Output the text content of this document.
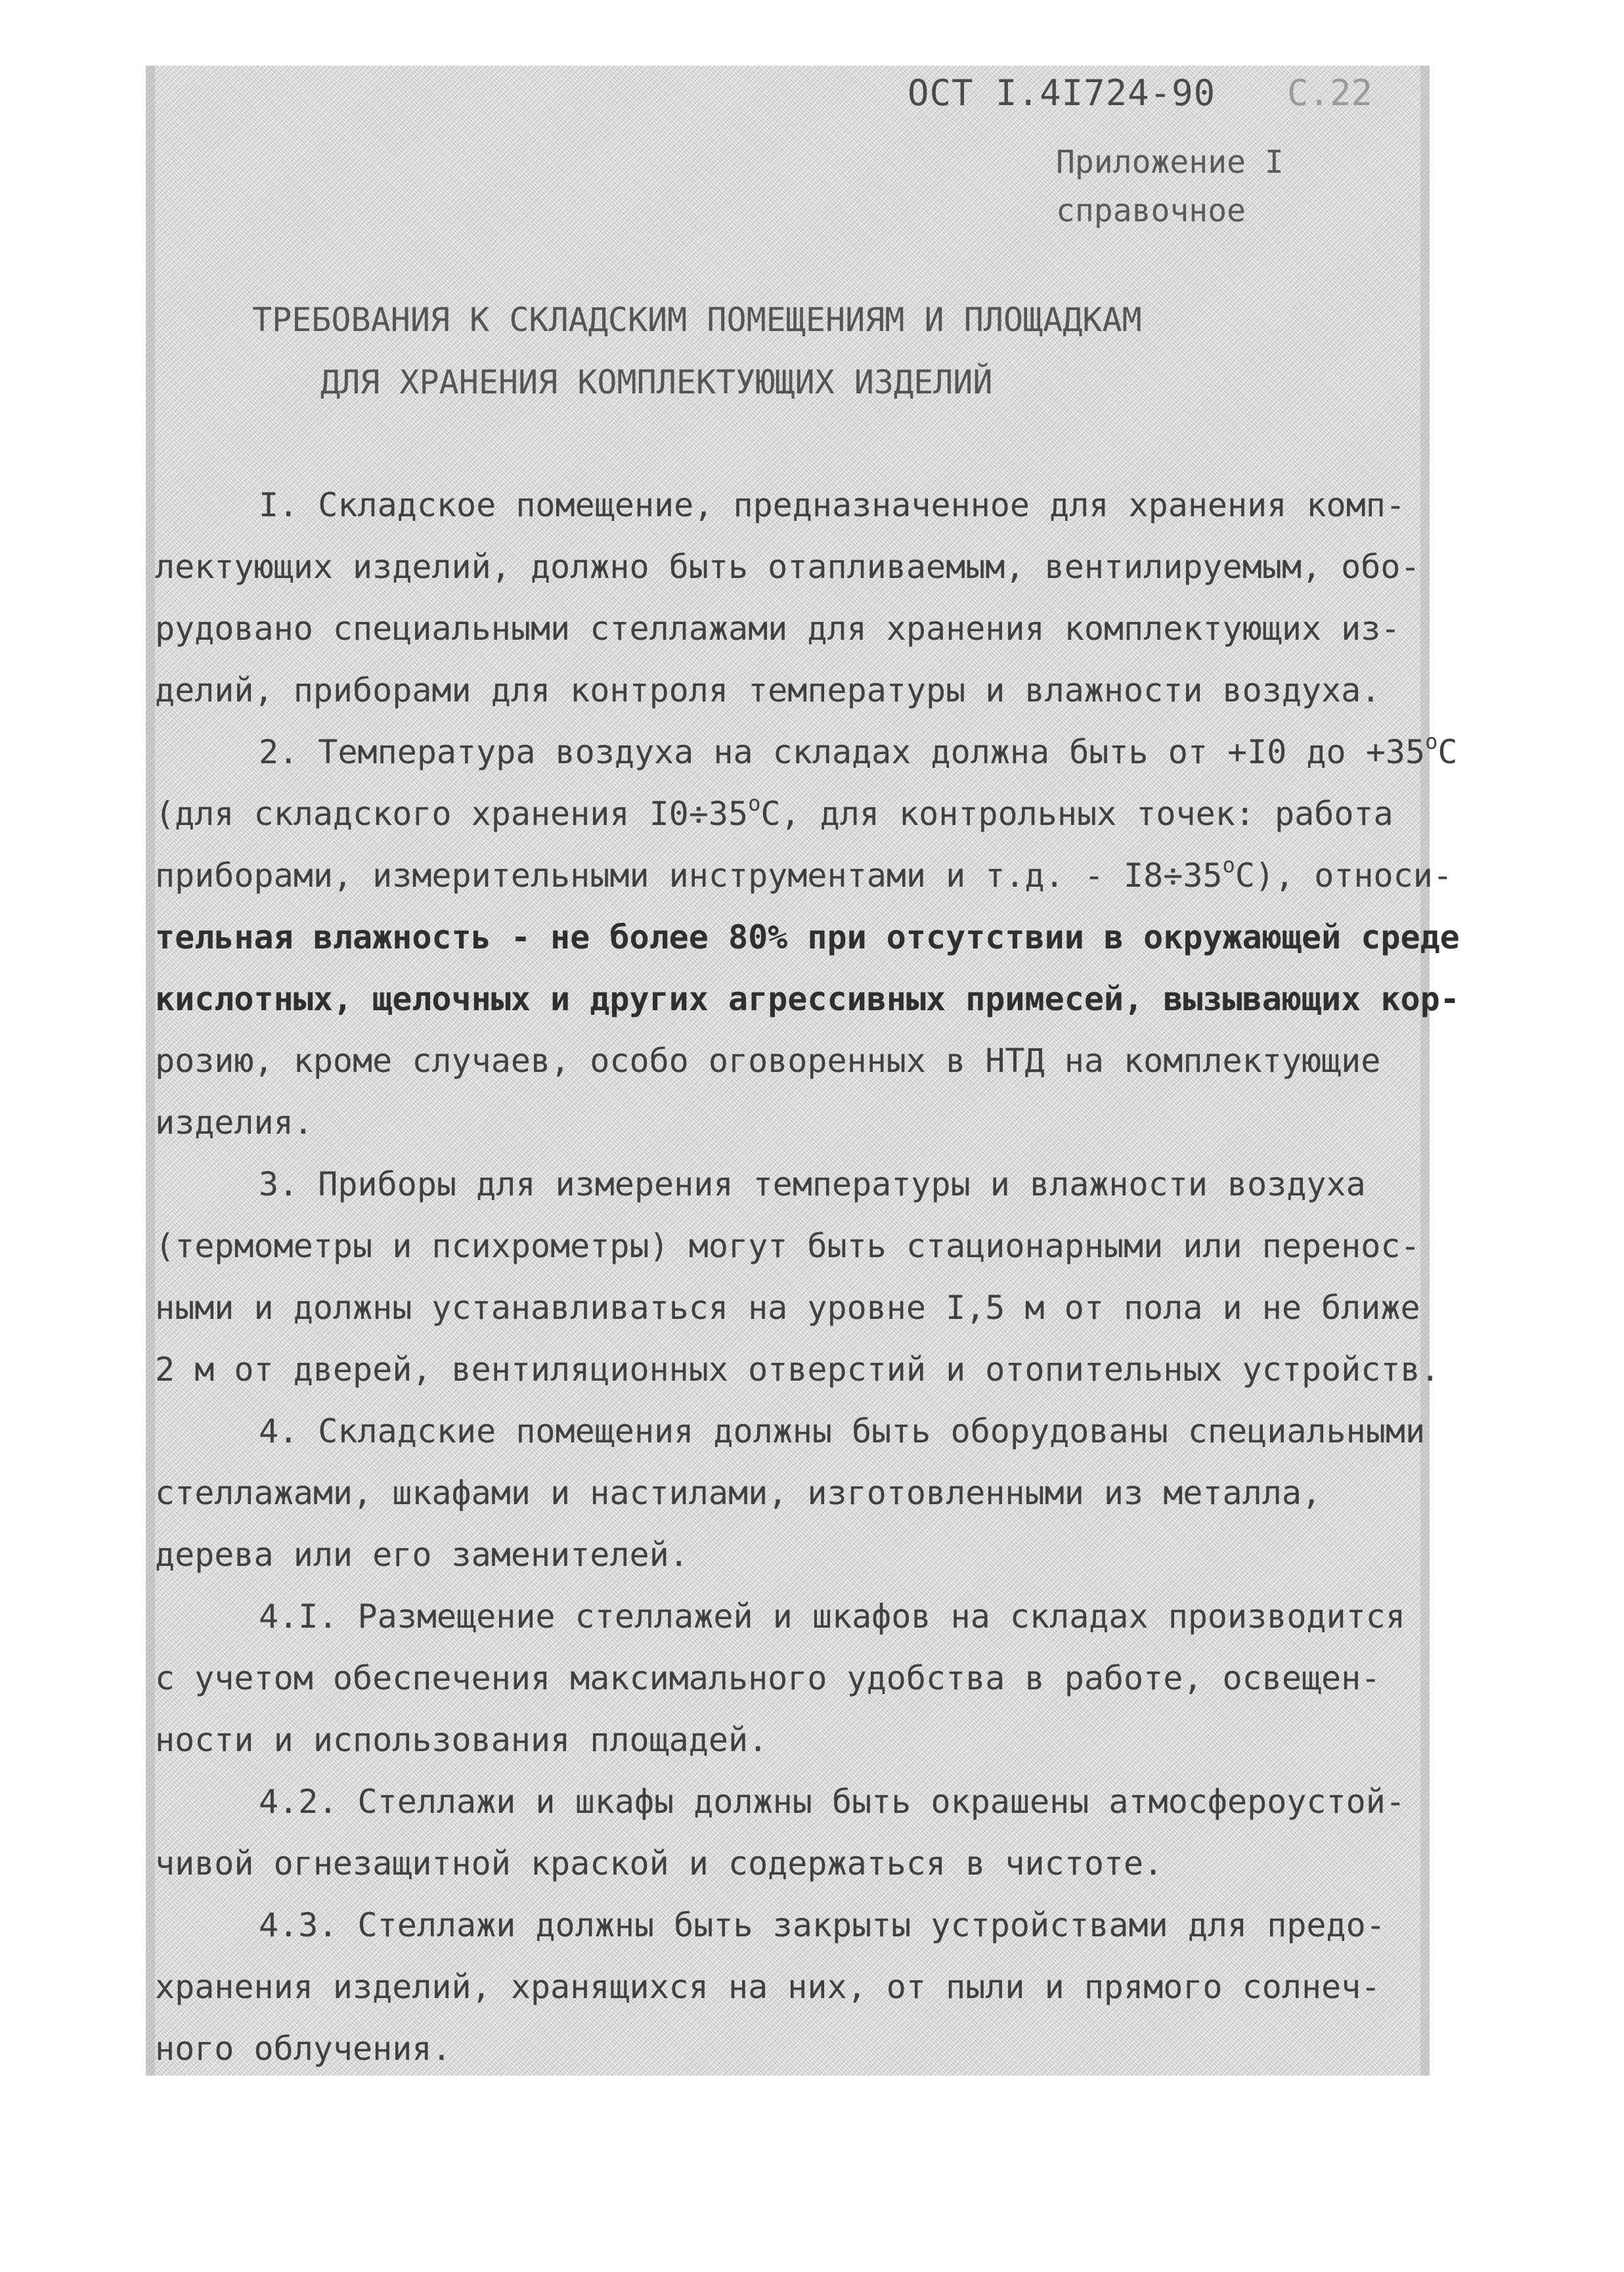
ОСТ I.4I724-90 С.22
Приложение I
справочное
ТРЕБОВАНИЯ К СКЛАДСКИМ ПОМЕЩЕНИЯМ И ПЛОЩАДКАМ
ДЛЯ ХРАНЕНИЯ КОМПЛЕКТУЮЩИХ ИЗДЕЛИЙ
I. Складское помещение, предназначенное для хранения комп-
лектующих изделий, должно быть отапливаемым, вентилируемым, обо-
рудовано специальными стеллажами для хранения комплектующих из-
делий, приборами для контроля температуры и влажности воздуха.
2. Температура воздуха на складах должна быть от +I0 до $+35^oС$
(для складского хранения $I0\div 35^oС$, для контрольных точек: работа
приборами, измерительными инструментами и т.д. - $I8\div 35^oС$), относи-
тельная влажность - не более 80% при отсутствии в окружающей среде
кислотных, щелочных и других агрессивных примесей, вызывающих кор-
розию, кроме случаев, особо оговоренных в НТД на комплектующие
изделия.
3. Приборы для измерения температуры и влажности воздуха
(термометры и психрометры) могут быть стационарными или перенос-
ными и должны устанавливаться на уровне I,5 м от пола и не ближе
2 м от дверей, вентиляционных отверстий и отопительных устройств.
4. Складские помещения должны быть оборудованы специальными
стеллажами, шкафами и настилами, изготовленными из металла,
дерева или его заменителей.
4.I. Размещение стеллажей и шкафов на складах производится
с учетом обеспечения максимального удобства в работе, освещен-
ности и использования площадей.
4.2. Стеллажи и шкафы должны быть окрашены атмосфероустой-
чивой огнезащитной краской и содержаться в чистоте.
4.3. Стеллажи должны быть закрыты устройствами для предо-
хранения изделий, хранящихся на них, от пыли и прямого солнеч-
ного облучения.
